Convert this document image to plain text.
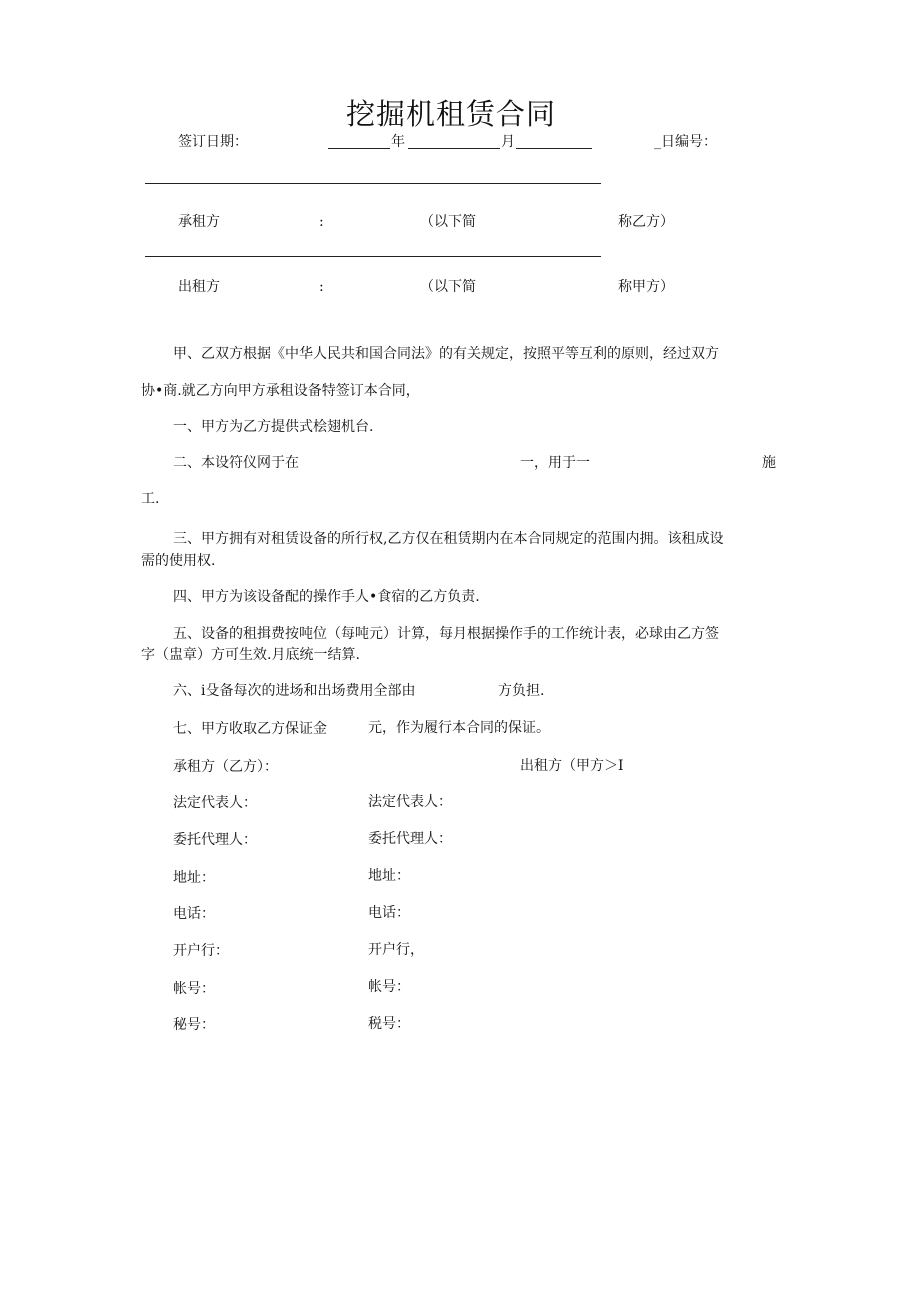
挖掘机租赁合同
签订日期：	年	月	_日编号：
承租方	:	（以下简	称乙方）
出租方	:	（以下简	称甲方）
甲、乙双方根据《中华人民共和国合同法》的有关规定，按照平等互利的原则，经过双方
协•商.就乙方向甲方承租设备特签订本合同，
一、甲方为乙方提供式桧翅机台.
二、本设符仪网于在	一，用于一	施
工.
三、甲方拥有对租赁设备的所行权,乙方仅在租赁期内在本合同规定的范围内拥。该租成设
需的使用权.
四、甲方为该设备配的操作手人•食宿的乙方负责.
五、设备的租揖费按吨位（每吨元）计算，每月根据操作手的工作统计表，必球由乙方签
字（盅章）方可生效.月底统一结算.
六、i殳备每次的进场和出场费用全部由	方负担.
七、甲方收取乙方保证金	元，作为履行本合同的保证。
承租方（乙方）：	出租方（甲方＞I
法定代表人：	法定代表人：
委托代理人：	委托代理人：
地址：	地址：
电话：	电话：
开户行：	开户行，
帐号：	帐号：
秘号：	税号：
